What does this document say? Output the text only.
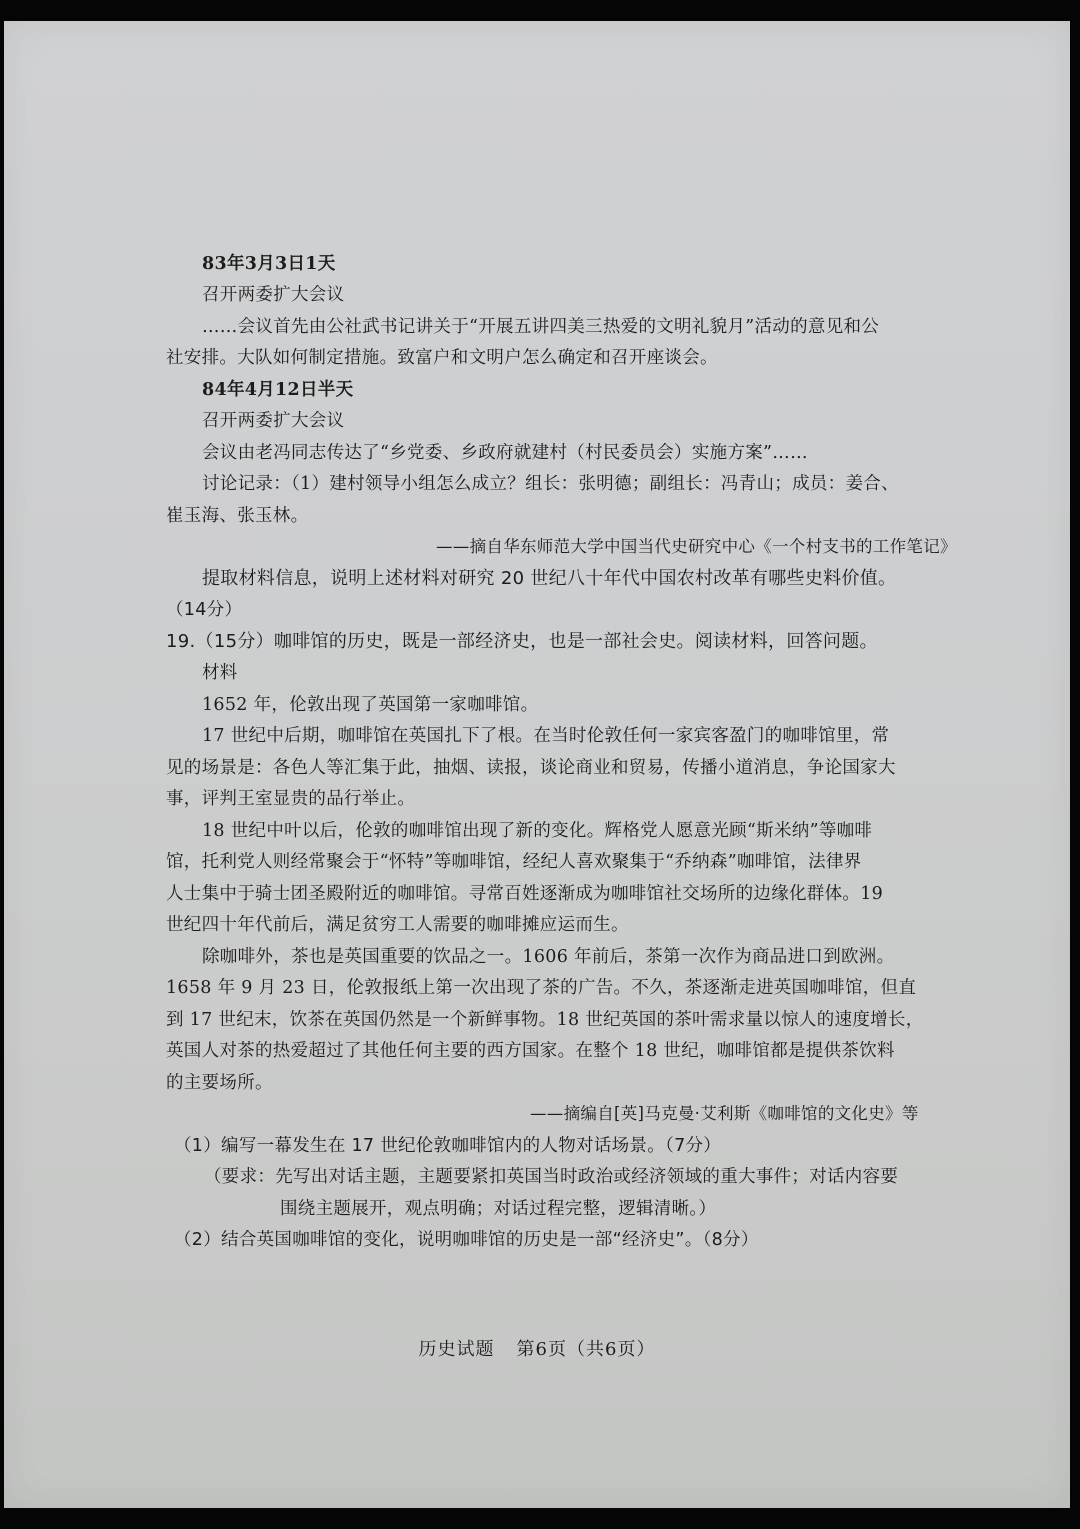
83年3月3日1天
召开两委扩大会议
……会议首先由公社武书记讲关于“开展五讲四美三热爱的文明礼貌月”活动的意见和公
社安排。大队如何制定措施。致富户和文明户怎么确定和召开座谈会。
84年4月12日半天
召开两委扩大会议
会议由老冯同志传达了“乡党委、乡政府就建村（村民委员会）实施方案”……
讨论记录：（1）建村领导小组怎么成立？组长：张明德；副组长：冯青山；成员：姜合、
崔玉海、张玉林。
——摘自华东师范大学中国当代史研究中心《一个村支书的工作笔记》
提取材料信息，说明上述材料对研究 20 世纪八十年代中国农村改革有哪些史料价值。
（14分）
19.（15分）咖啡馆的历史，既是一部经济史，也是一部社会史。阅读材料，回答问题。
材料
1652 年，伦敦出现了英国第一家咖啡馆。
17 世纪中后期，咖啡馆在英国扎下了根。在当时伦敦任何一家宾客盈门的咖啡馆里，常
见的场景是：各色人等汇集于此，抽烟、读报，谈论商业和贸易，传播小道消息，争论国家大
事，评判王室显贵的品行举止。
18 世纪中叶以后，伦敦的咖啡馆出现了新的变化。辉格党人愿意光顾“斯米纳”等咖啡
馆，托利党人则经常聚会于“怀特”等咖啡馆，经纪人喜欢聚集于“乔纳森”咖啡馆，法律界
人士集中于骑士团圣殿附近的咖啡馆。寻常百姓逐渐成为咖啡馆社交场所的边缘化群体。19
世纪四十年代前后，满足贫穷工人需要的咖啡摊应运而生。
除咖啡外，茶也是英国重要的饮品之一。1606 年前后，茶第一次作为商品进口到欧洲。
1658 年 9 月 23 日，伦敦报纸上第一次出现了茶的广告。不久，茶逐渐走进英国咖啡馆，但直
到 17 世纪末，饮茶在英国仍然是一个新鲜事物。18 世纪英国的茶叶需求量以惊人的速度增长，
英国人对茶的热爱超过了其他任何主要的西方国家。在整个 18 世纪，咖啡馆都是提供茶饮料
的主要场所。
——摘编自[英]马克曼·艾利斯《咖啡馆的文化史》等
（1）编写一幕发生在 17 世纪伦敦咖啡馆内的人物对话场景。（7分）
（要求：先写出对话主题，主题要紧扣英国当时政治或经济领域的重大事件；对话内容要
围绕主题展开，观点明确；对话过程完整，逻辑清晰。）
（2）结合英国咖啡馆的变化，说明咖啡馆的历史是一部“经济史”。（8分）
历史试题 第6页（共6页）
